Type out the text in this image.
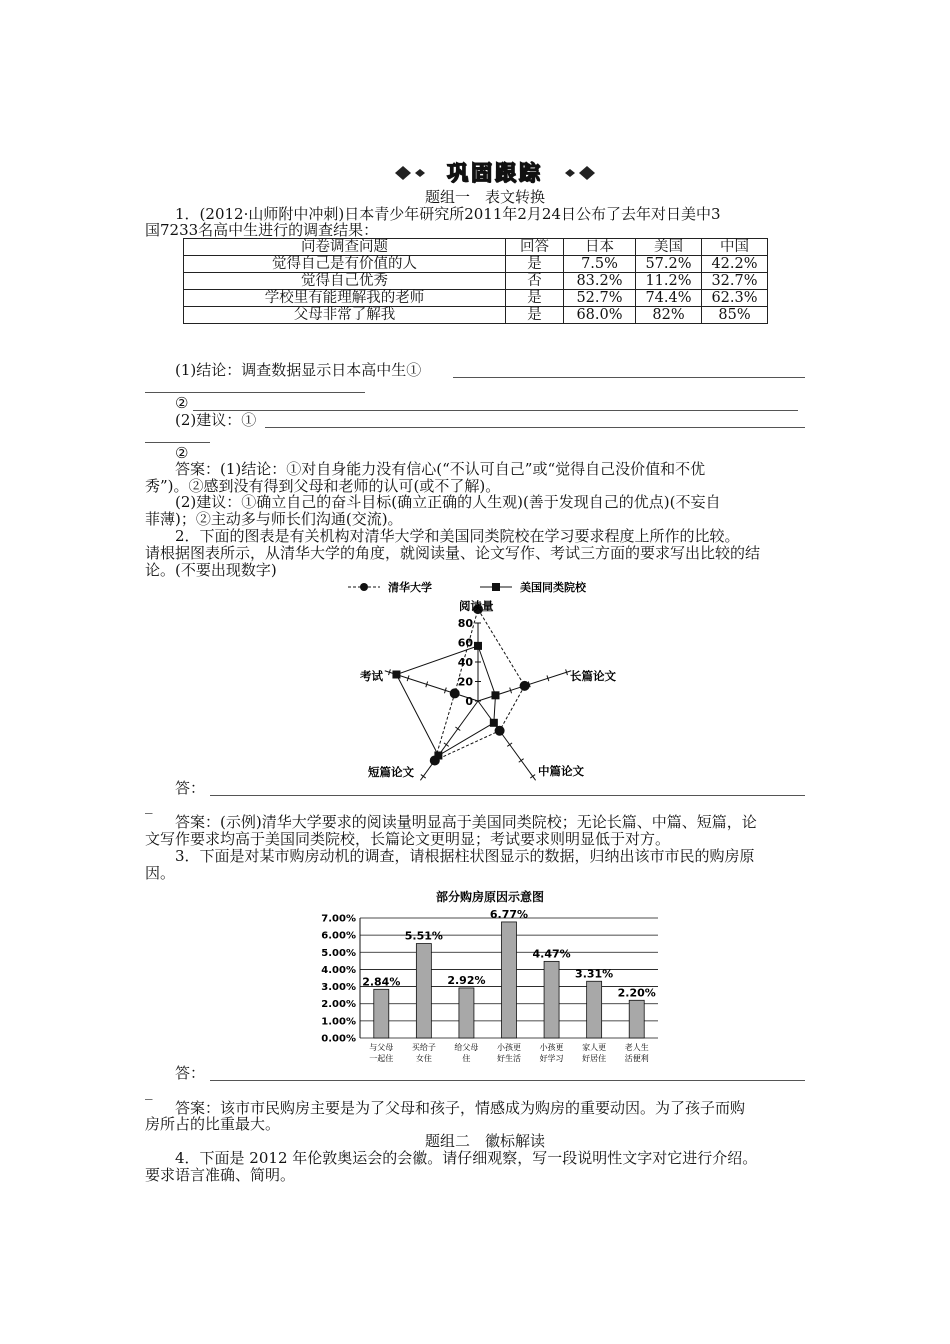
巩固跟踪
题组一　表文转换
1．(2012·山师附中冲刺)日本青少年研究所2011年2月24日公布了去年对日美中3
国7233名高中生进行的调查结果：
问卷调查问题	回答	日本	美国	中国
觉得自己是有价值的人	是	7.5%	57.2%	42.2%
觉得自己优秀	否	83.2%	11.2%	32.7%
学校里有能理解我的老师	是	52.7%	74.4%	62.3%
父母非常了解我	是	68.0%	82%	85%
(1)结论：调查数据显示日本高中生①
②
(2)建议：①
②
答案：(1)结论：①对自身能力没有信心(“不认可自己”或“觉得自己没价值和不优
秀”)。②感到没有得到父母和老师的认可(或不了解)。
(2)建议：①确立自己的奋斗目标(确立正确的人生观)(善于发现自己的优点)(不妄自
菲薄)；②主动多与师长们沟通(交流)。
2．下面的图表是有关机构对清华大学和美国同类院校在学习要求程度上所作的比较。
请根据图表所示，从清华大学的角度，就阅读量、论文写作、考试三方面的要求写出比较的结
论。(不要出现数字)
清华大学	美国同类院校
0
20
40
60
80
阅读量
长篇论文
中篇论文
短篇论文
考试
答：
_
答案：(示例)清华大学要求的阅读量明显高于美国同类院校；无论长篇、中篇、短篇，论
文写作要求均高于美国同类院校，长篇论文更明显；考试要求则明显低于对方。
3．下面是对某市购房动机的调查，请根据柱状图显示的数据，归纳出该市市民的购房原
因。
部分购房原因示意图
0.00%
1.00%
2.00%
3.00%
4.00%
5.00%
6.00%
7.00%
2.84%
5.51%
2.92%
6.77%
4.47%
3.31%
2.20%
与父母
一起住
买给子
女住
给父母
住
小孩更
好生活
小孩更
好学习
家人更
好居住
老人生
活便利
答：
_
答案：该市市民购房主要是为了父母和孩子，情感成为购房的重要动因。为了孩子而购
房所占的比重最大。
题组二　徽标解读
4．下面是 2012 年伦敦奥运会的会徽。请仔细观察，写一段说明性文字对它进行介绍。
要求语言准确、简明。
